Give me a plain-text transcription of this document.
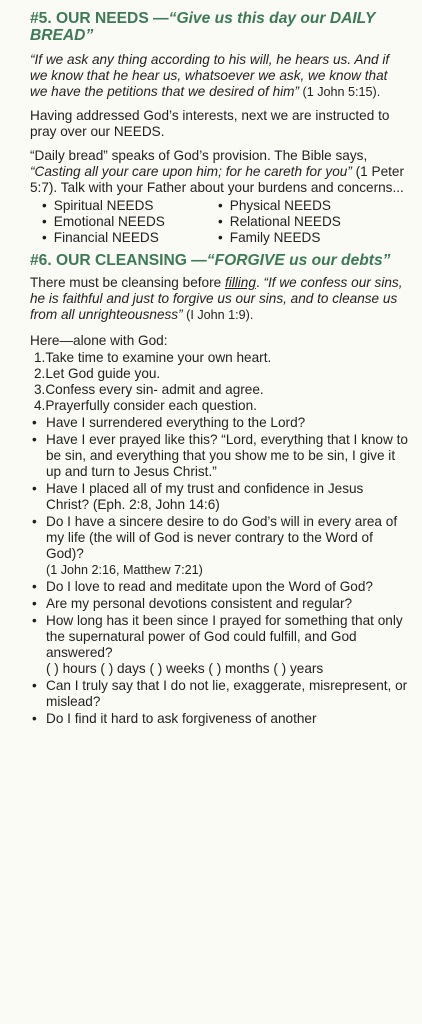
#5. OUR NEEDS —“Give us this day our DAILY BREAD”

“If we ask any thing according to his will, he hears us. And if we know that he hear us, whatsoever we ask, we know that we have the petitions that we desired of him” (1 John 5:15).

Having addressed God’s interests, next we are instructed to pray over our NEEDS.

“Daily bread” speaks of God’s provision. The Bible says, “Casting all your care upon him; for he careth for you” (1 Peter 5:7). Talk with your Father about your burdens and concerns...

• Spiritual NEEDS	• Physical NEEDS
• Emotional NEEDS	• Relational NEEDS
• Financial NEEDS	• Family NEEDS
#6. OUR CLEANSING —“FORGIVE us our debts”

There must be cleansing before filling. “If we confess our sins, he is faithful and just to forgive us our sins, and to cleanse us from all unrighteousness” (I John 1:9).

Here—alone with God:

1.Take time to examine your own heart.
2.Let God guide you.
3.Confess every sin- admit and agree.
4.Prayerfully consider each question.
• Have I surrendered everything to the Lord?
• Have I ever prayed like this? “Lord, everything that I know to be sin, and everything that you show me to be sin, I give it up and turn to Jesus Christ.”
• Have I placed all of my trust and confidence in Jesus Christ? (Eph. 2:8, John 14:6)
• Do I have a sincere desire to do God’s will in every area of my life (the will of God is never contrary to the Word of God)?
(1 John 2:16, Matthew 7:21)
• Do I love to read and meditate upon the Word of God?
• Are my personal devotions consistent and regular?
• How long has it been since I prayed for something that only the supernatural power of God could fulfill, and God answered?
( ) hours ( ) days ( ) weeks ( ) months ( ) years
• Can I truly say that I do not lie, exaggerate, misrepresent, or mislead?
• Do I find it hard to ask forgiveness of another
